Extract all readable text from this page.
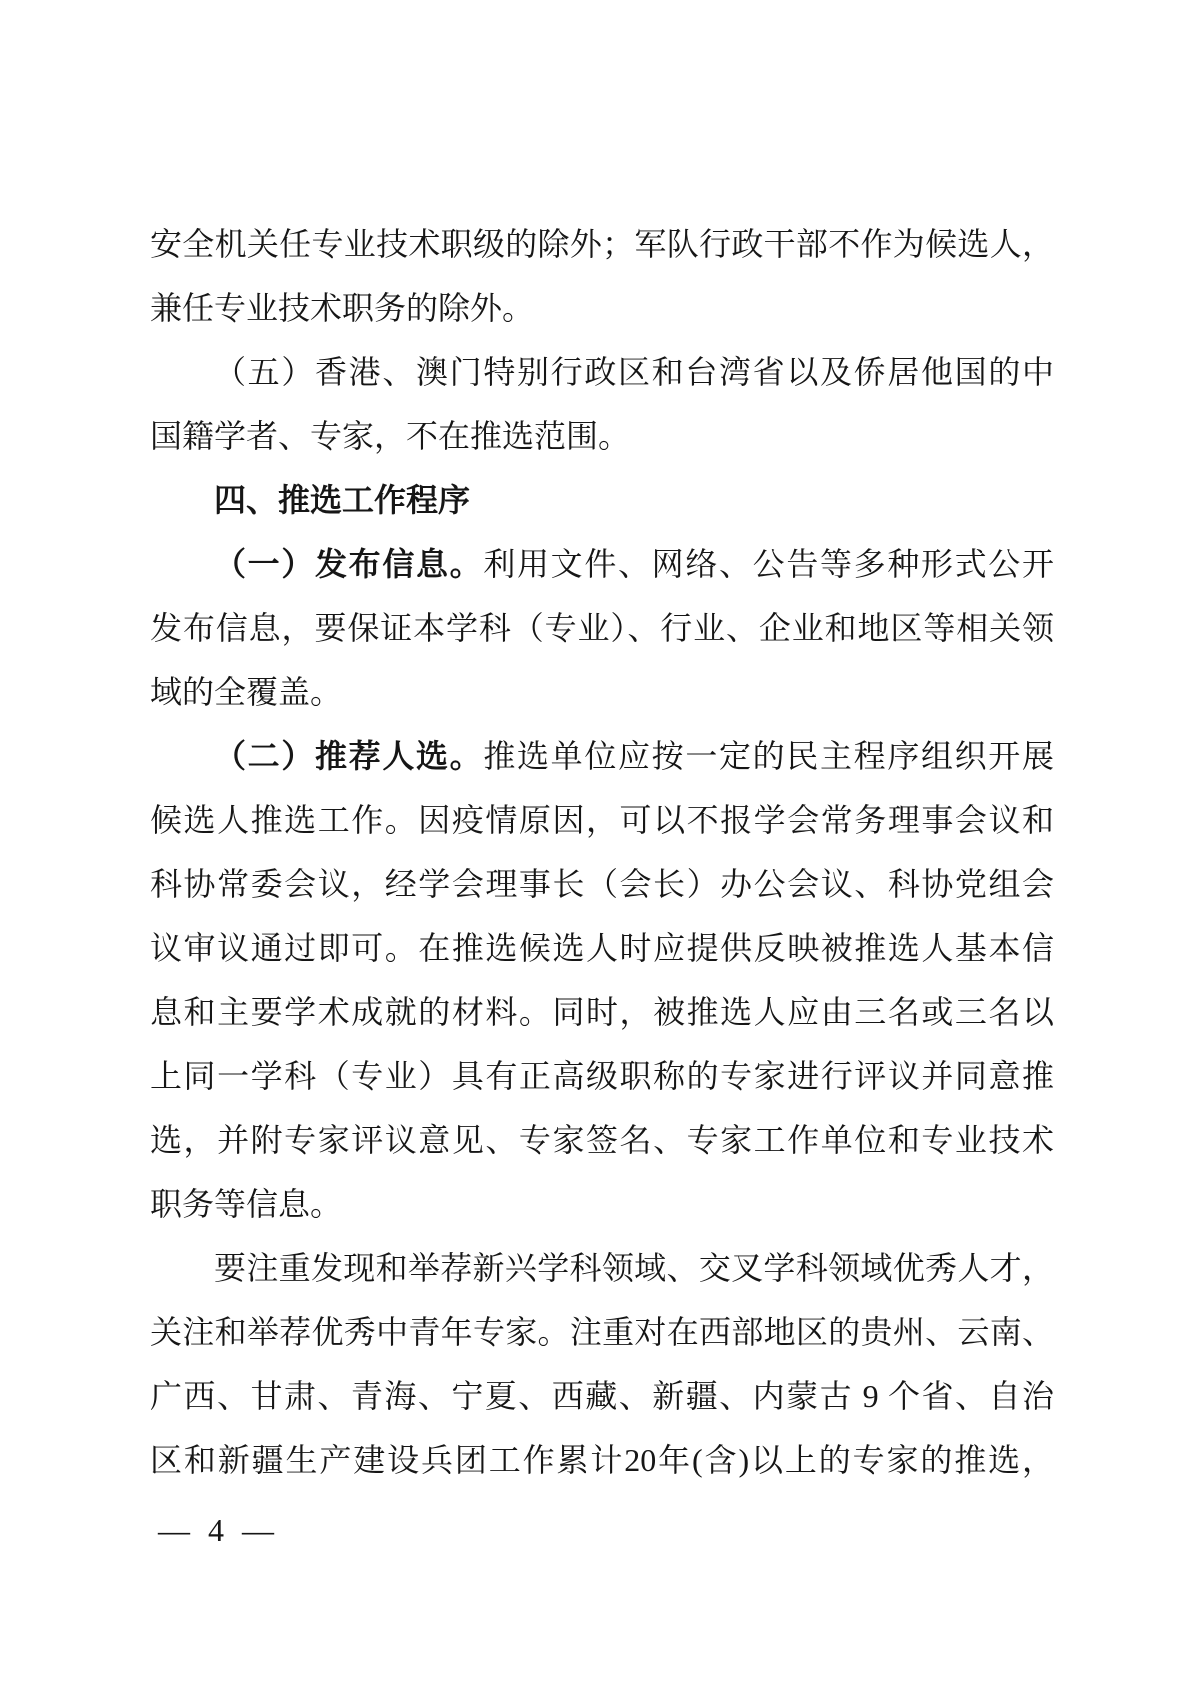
安全机关任专业技术职级的除外；军队行政干部不作为候选人，
兼任专业技术职务的除外。
（五）香港、澳门特别行政区和台湾省以及侨居他国的中
国籍学者、专家，不在推选范围。
四、推选工作程序
（一）发布信息。利用文件、网络、公告等多种形式公开
发布信息，要保证本学科（专业）、行业、企业和地区等相关领
域的全覆盖。
（二）推荐人选。推选单位应按一定的民主程序组织开展
候选人推选工作。因疫情原因，可以不报学会常务理事会议和
科协常委会议，经学会理事长（会长）办公会议、科协党组会
议审议通过即可。在推选候选人时应提供反映被推选人基本信
息和主要学术成就的材料。同时，被推选人应由三名或三名以
上同一学科（专业）具有正高级职称的专家进行评议并同意推
选，并附专家评议意见、专家签名、专家工作单位和专业技术
职务等信息。
要注重发现和举荐新兴学科领域、交叉学科领域优秀人才，
关注和举荐优秀中青年专家。注重对在西部地区的贵州、云南、
广西、甘肃、青海、宁夏、西藏、新疆、内蒙古 9 个省、自治
区和新疆生产建设兵团工作累计20年(含)以上的专家的推选，
— 4 —
